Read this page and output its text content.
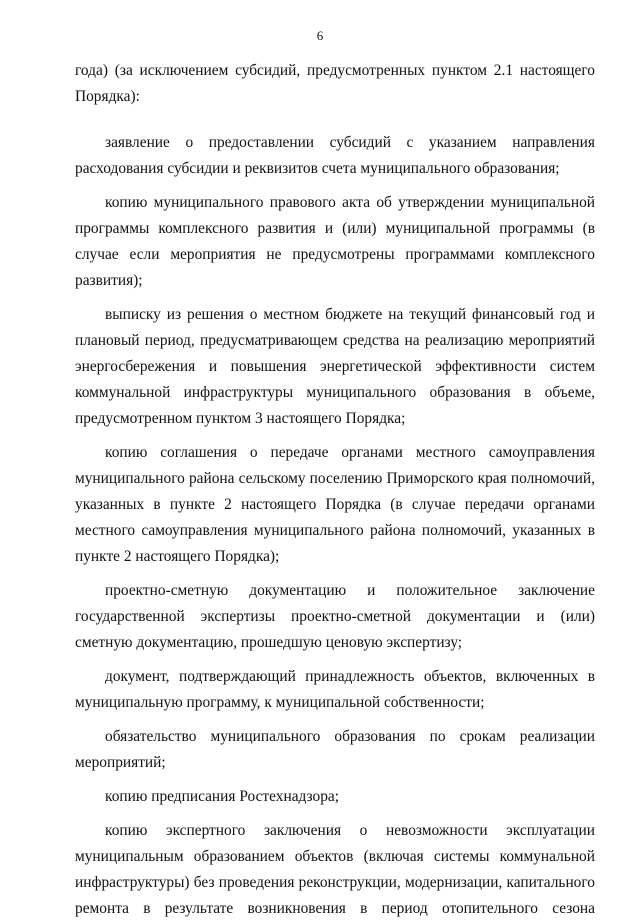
6

года) (за исключением субсидий, предусмотренных пунктом 2.1 настоящего Порядка):

заявление о предоставлении субсидий с указанием направления расходования субсидии и реквизитов счета муниципального образования;

копию муниципального правового акта об утверждении муниципальной программы комплексного развития и (или) муниципальной программы (в случае если мероприятия не предусмотрены программами комплексного развития);

выписку из решения о местном бюджете на текущий финансовый год и плановый период, предусматривающем средства на реализацию мероприятий энергосбережения и повышения энергетической эффективности систем коммунальной инфраструктуры муниципального образования в объеме, предусмотренном пунктом 3 настоящего Порядка;

копию соглашения о передаче органами местного самоуправления муниципального района сельскому поселению Приморского края полномочий, указанных в пункте 2 настоящего Порядка (в случае передачи органами местного самоуправления муниципального района полномочий, указанных в пункте 2 настоящего Порядка);

проектно-сметную документацию и положительное заключение государственной экспертизы проектно-сметной документации и (или) сметную документацию, прошедшую ценовую экспертизу;

документ, подтверждающий принадлежность объектов, включенных в муниципальную программу, к муниципальной собственности;

обязательство муниципального образования по срокам реализации мероприятий;

копию предписания Ростехнадзора;

копию экспертного заключения о невозможности эксплуатации муниципальным образованием объектов (включая системы коммунальной инфраструктуры) без проведения реконструкции, модернизации, капитального ремонта в результате возникновения в период отопительного сезона
